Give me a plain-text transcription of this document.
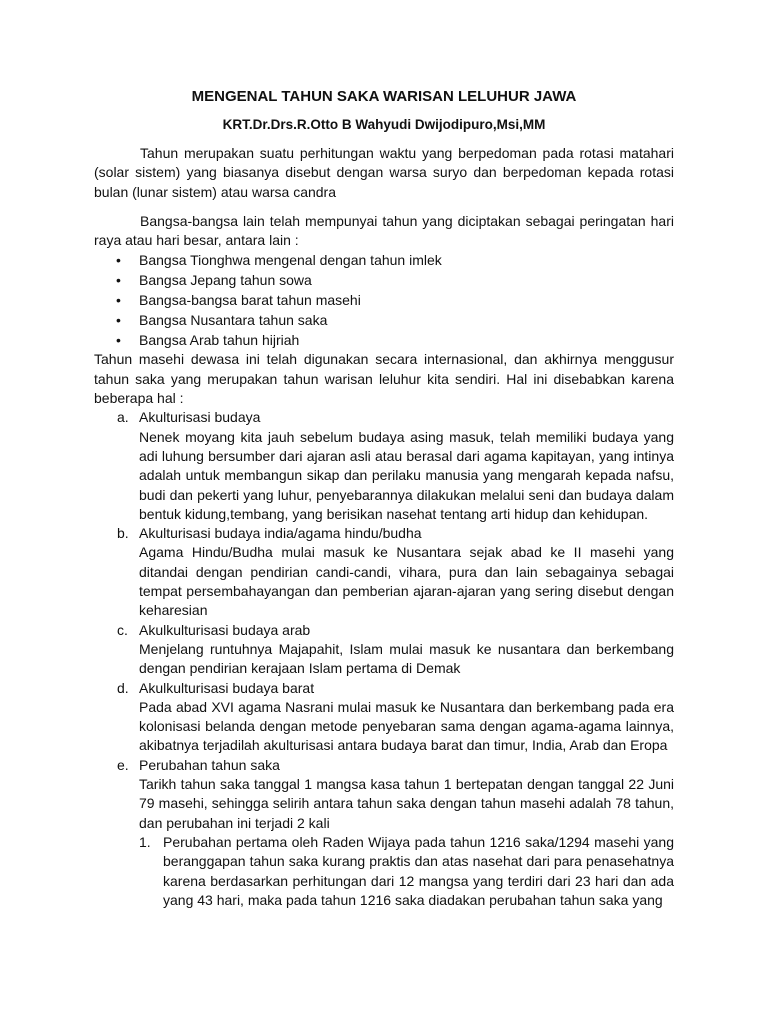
MENGENAL TAHUN SAKA WARISAN LELUHUR JAWA
KRT.Dr.Drs.R.Otto B Wahyudi Dwijodipuro,Msi,MM

Tahun merupakan suatu perhitungan waktu yang berpedoman pada rotasi matahari (solar sistem) yang biasanya disebut dengan warsa suryo dan berpedoman kepada rotasi bulan (lunar sistem) atau warsa candra

Bangsa-bangsa lain telah mempunyai tahun yang diciptakan sebagai peringatan hari raya atau hari besar, antara lain :

• Bangsa Tionghwa mengenal dengan tahun imlek
• Bangsa Jepang tahun sowa
• Bangsa-bangsa barat tahun masehi
• Bangsa Nusantara tahun saka
• Bangsa Arab tahun hijriah

Tahun masehi dewasa ini telah digunakan secara internasional, dan akhirnya menggusur tahun saka yang merupakan tahun warisan leluhur kita sendiri. Hal ini disebabkan karena beberapa hal :

a. Akulturisasi budaya

Nenek moyang kita jauh sebelum budaya asing masuk, telah memiliki budaya yang adi luhung bersumber dari ajaran asli atau berasal dari agama kapitayan, yang intinya adalah untuk membangun sikap dan perilaku manusia yang mengarah kepada nafsu, budi dan pekerti yang luhur, penyebarannya dilakukan melalui seni dan budaya dalam bentuk kidung,tembang, yang berisikan nasehat tentang arti hidup dan kehidupan.

b. Akulturisasi budaya india/agama hindu/budha

Agama Hindu/Budha mulai masuk ke Nusantara sejak abad ke II masehi yang ditandai dengan pendirian candi-candi, vihara, pura dan lain sebagainya sebagai tempat persembahayangan dan pemberian ajaran-ajaran yang sering disebut dengan keharesian

c. Akulkulturisasi budaya arab

Menjelang runtuhnya Majapahit, Islam mulai masuk ke nusantara dan berkembang dengan pendirian kerajaan Islam pertama di Demak

d. Akulkulturisasi budaya barat

Pada abad XVI agama Nasrani mulai masuk ke Nusantara dan berkembang pada era kolonisasi belanda dengan metode penyebaran sama dengan agama-agama lainnya, akibatnya terjadilah akulturisasi antara budaya barat dan timur, India, Arab dan Eropa

e. Perubahan tahun saka

Tarikh tahun saka tanggal 1 mangsa kasa tahun 1 bertepatan dengan tanggal 22 Juni 79 masehi, sehingga selirih antara tahun saka dengan tahun masehi adalah 78 tahun, dan perubahan ini terjadi 2 kali

1. Perubahan pertama oleh Raden Wijaya pada tahun 1216 saka/1294 masehi yang beranggapan tahun saka kurang praktis dan atas nasehat dari para penasehatnya karena berdasarkan perhitungan dari 12 mangsa yang terdiri dari 23 hari dan ada yang 43 hari, maka pada tahun 1216 saka diadakan perubahan tahun saka yang
